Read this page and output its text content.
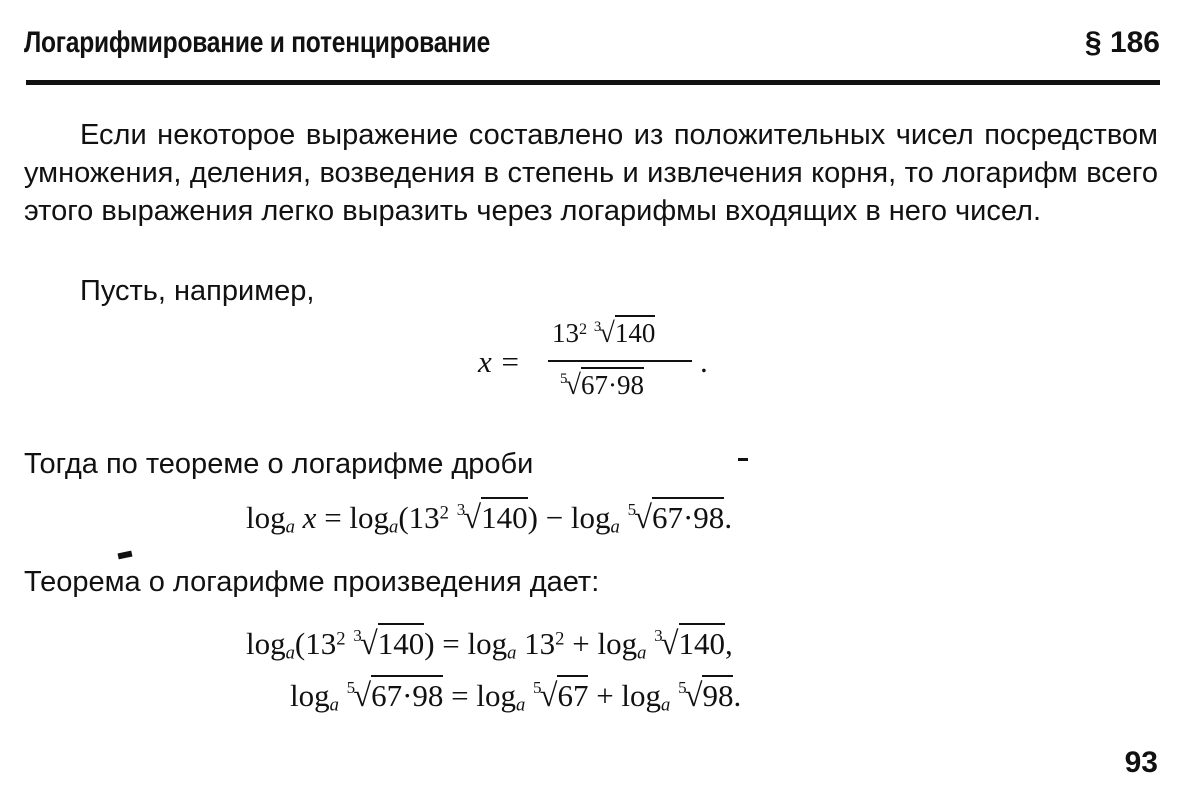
Логарифмирование и потенцирование	§ 186
Если некоторое выражение составлено из положительных чисел посредством умножения, деления, возведения в степень и извлечения корня, то логарифм всего этого выражения легко выразить через логарифмы входящих в него чисел.
Пусть, например,
x =
$13^2$ $^3$√140
$^5$√67·98
.
Тогда по теореме о логарифме дроби
$\log_a x = \log_a(13^2$ $^3√140) - \log_a ^5√67\cdot 98$.
Теорема о логарифме произведения дает:
$\log_a(13^2$ $^3√140) = \log_a 13^2 + \log_a ^3√140$,
$\log_a ^5√67\cdot 98 = \log_a ^5√67 + \log_a ^5√98$.
93
